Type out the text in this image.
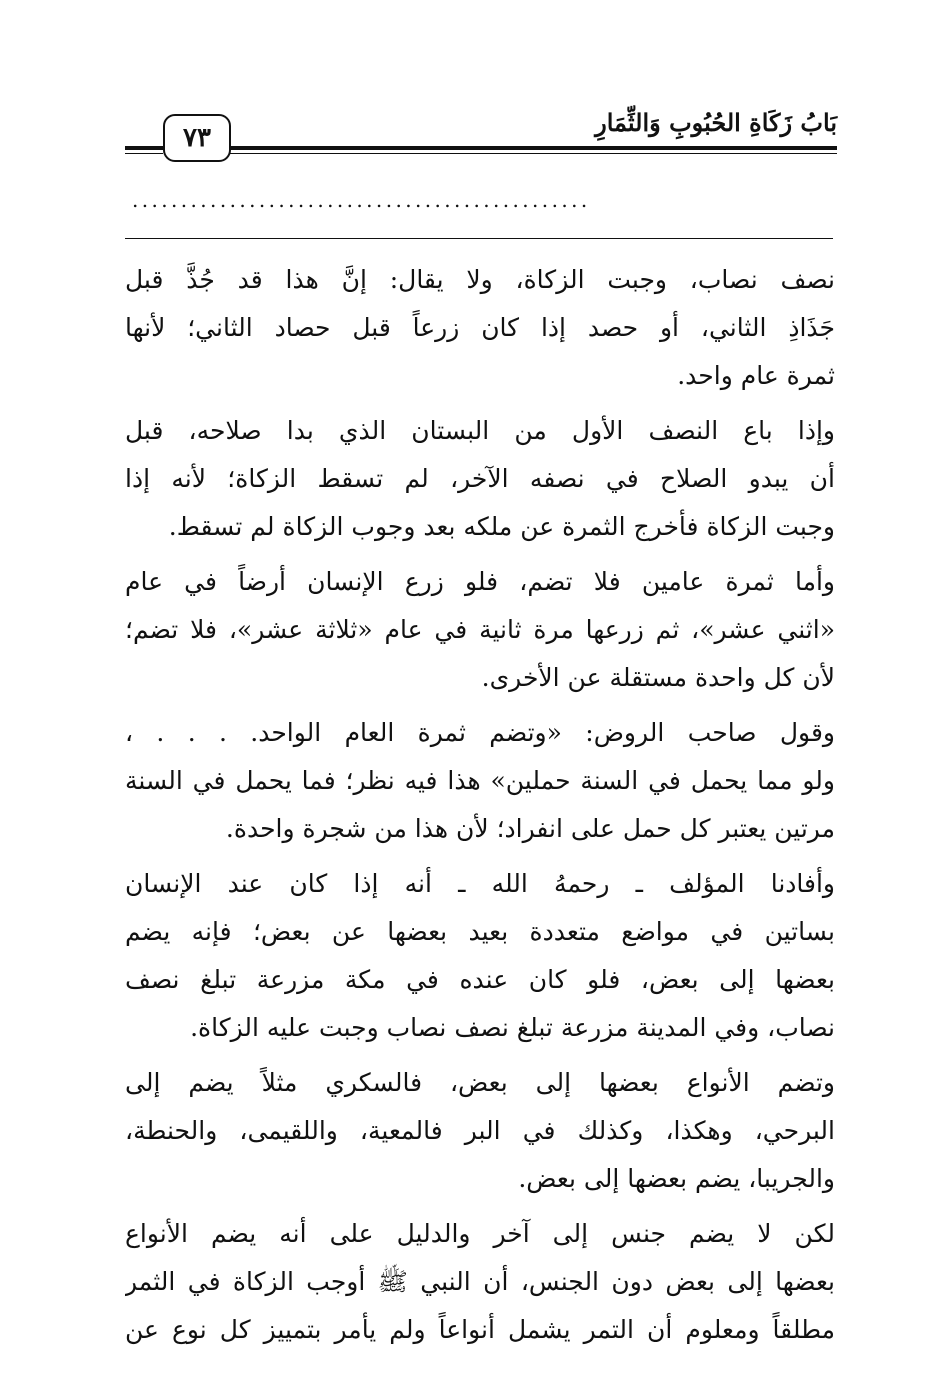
بَابُ زَكَاةِ الحُبُوبِ وَالثِّمَارِ
٧٣
...............................................
نصف نصاب، وجبت الزكاة، ولا يقال: إنَّ هذا قد جُذَّ قبل
جَذَاذِ الثاني، أو حصد إذا كان زرعاً قبل حصاد الثاني؛ لأنها
ثمرة عام واحد.
وإذا باع النصف الأول من البستان الذي بدا صلاحه، قبل
أن يبدو الصلاح في نصفه الآخر، لم تسقط الزكاة؛ لأنه إذا
وجبت الزكاة فأخرج الثمرة عن ملكه بعد وجوب الزكاة لم تسقط.
وأما ثمرة عامين فلا تضم، فلو زرع الإنسان أرضاً في عام
«اثني عشر»، ثم زرعها مرة ثانية في عام «ثلاثة عشر»، فلا تضم؛
لأن كل واحدة مستقلة عن الأخرى.
وقول صاحب الروض: «وتضم ثمرة العام الواحد. . . . ،
ولو مما يحمل في السنة حملين» هذا فيه نظر؛ فما يحمل في السنة
مرتين يعتبر كل حمل على انفراد؛ لأن هذا من شجرة واحدة.
وأفادنا المؤلف ـ رحمهُ الله ـ أنه إذا كان عند الإنسان
بساتين في مواضع متعددة بعيد بعضها عن بعض؛ فإنه يضم
بعضها إلى بعض، فلو كان عنده في مكة مزرعة تبلغ نصف
نصاب، وفي المدينة مزرعة تبلغ نصف نصاب وجبت عليه الزكاة.
وتضم الأنواع بعضها إلى بعض، فالسكري مثلاً يضم إلى
البرحي، وهكذا، وكذلك في البر فالمعية، واللقيمى، والحنطة،
والجريبا، يضم بعضها إلى بعض.
لكن لا يضم جنس إلى آخر والدليل على أنه يضم الأنواع
بعضها إلى بعض دون الجنس، أن النبي ﷺ أوجب الزكاة في الثمر
مطلقاً ومعلوم أن التمر يشمل أنواعاً ولم يأمر بتمييز كل نوع عن
